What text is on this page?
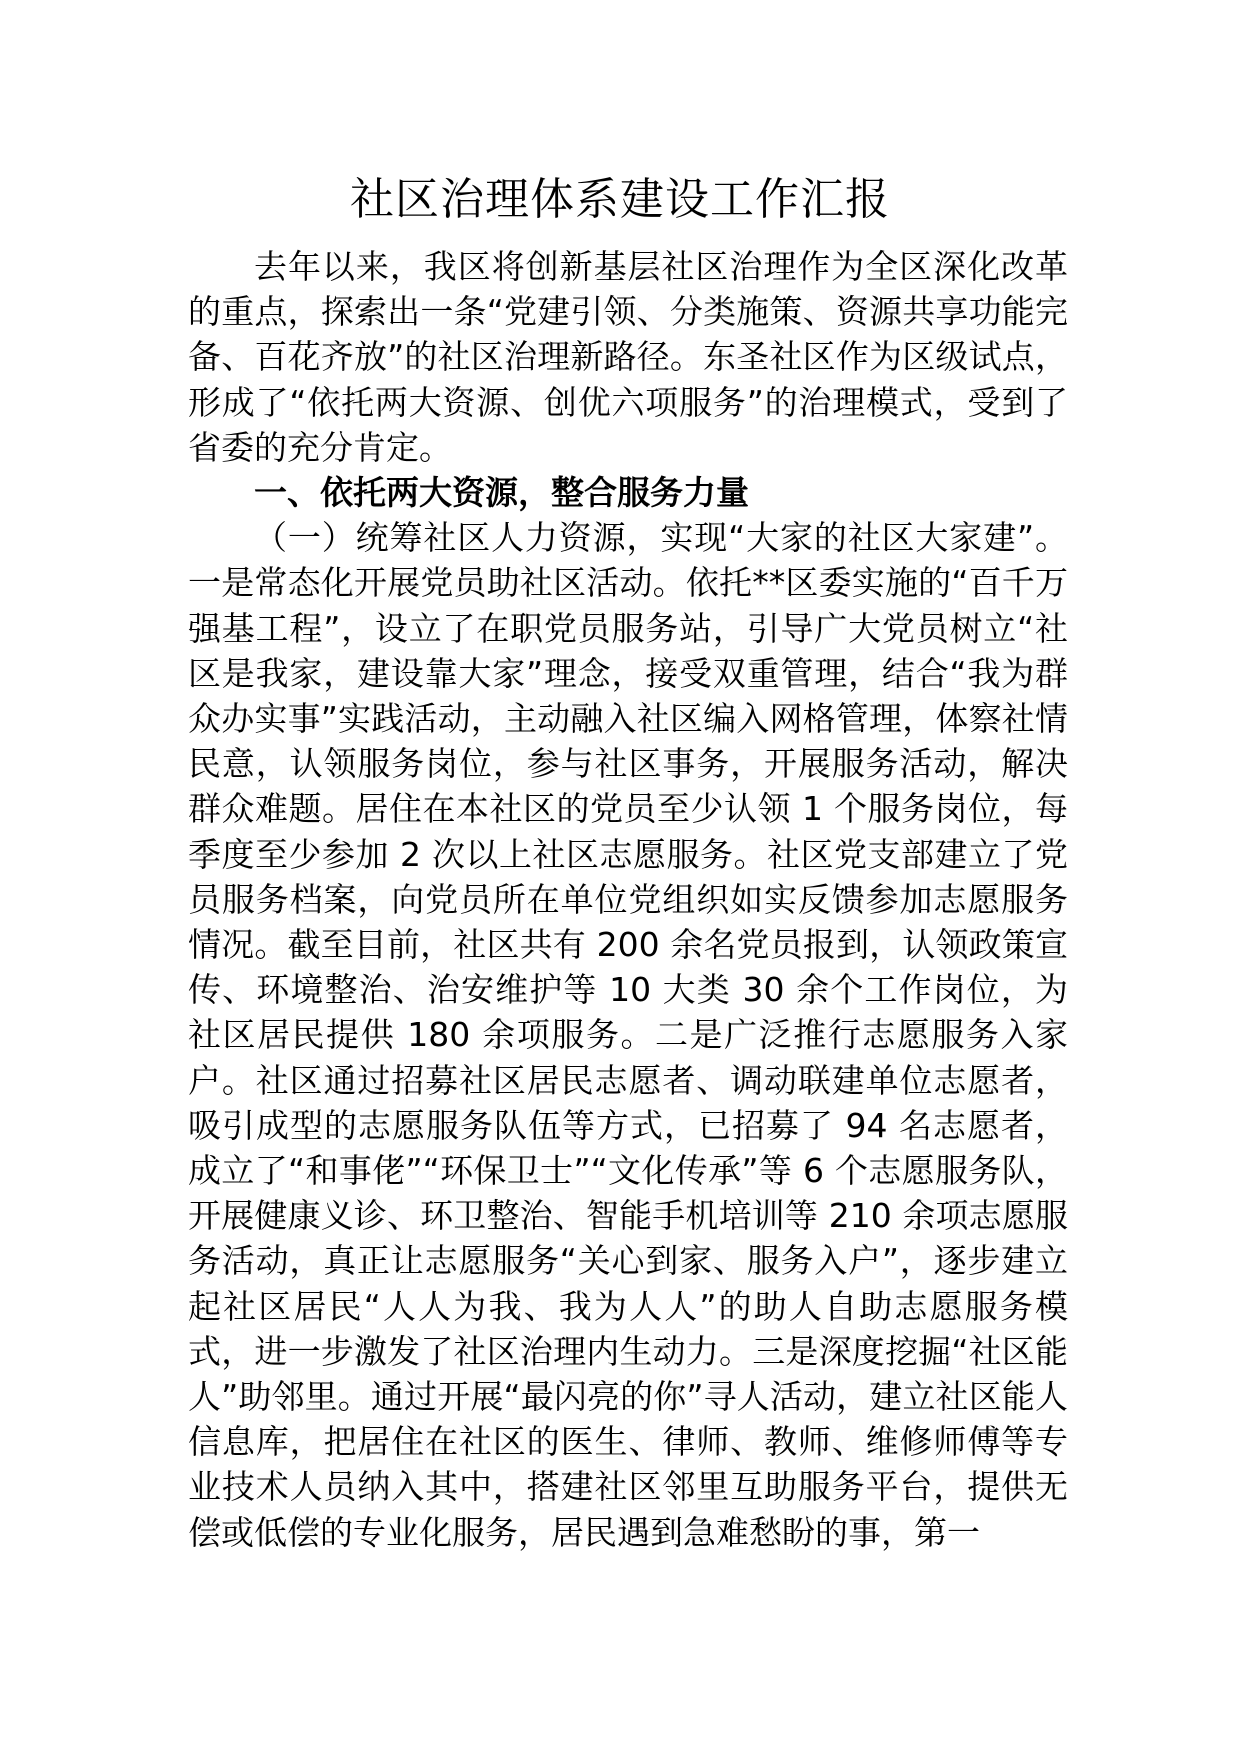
社区治理体系建设工作汇报

去年以来，我区将创新基层社区治理作为全区深化改革的重点，探索出一条“党建引领、分类施策、资源共享功能完备、百花齐放”的社区治理新路径。东圣社区作为区级试点，形成了“依托两大资源、创优六项服务”的治理模式，受到了省委的充分肯定。

一、依托两大资源，整合服务力量

（一）统筹社区人力资源，实现“大家的社区大家建”。一是常态化开展党员助社区活动。依托**区委实施的“百千万强基工程”，设立了在职党员服务站，引导广大党员树立“社区是我家，建设靠大家”理念，接受双重管理，结合“我为群众办实事”实践活动，主动融入社区编入网格管理，体察社情民意，认领服务岗位，参与社区事务，开展服务活动，解决群众难题。居住在本社区的党员至少认领 1 个服务岗位，每季度至少参加 2 次以上社区志愿服务。社区党支部建立了党员服务档案，向党员所在单位党组织如实反馈参加志愿服务情况。截至目前，社区共有 200 余名党员报到，认领政策宣传、环境整治、治安维护等 10 大类 30 余个工作岗位，为社区居民提供 180 余项服务。二是广泛推行志愿服务入家户。社区通过招募社区居民志愿者、调动联建单位志愿者，吸引成型的志愿服务队伍等方式，已招募了 94 名志愿者，成立了“和事佬”“环保卫士”“文化传承”等 6 个志愿服务队，开展健康义诊、环卫整治、智能手机培训等 210 余项志愿服务活动，真正让志愿服务“关心到家、服务入户”，逐步建立起社区居民“人人为我、我为人人”的助人自助志愿服务模式，进一步激发了社区治理内生动力。三是深度挖掘“社区能人”助邻里。通过开展“最闪亮的你”寻人活动，建立社区能人信息库，把居住在社区的医生、律师、教师、维修师傅等专业技术人员纳入其中，搭建社区邻里互助服务平台，提供无偿或低偿的专业化服务，居民遇到急难愁盼的事，第一
